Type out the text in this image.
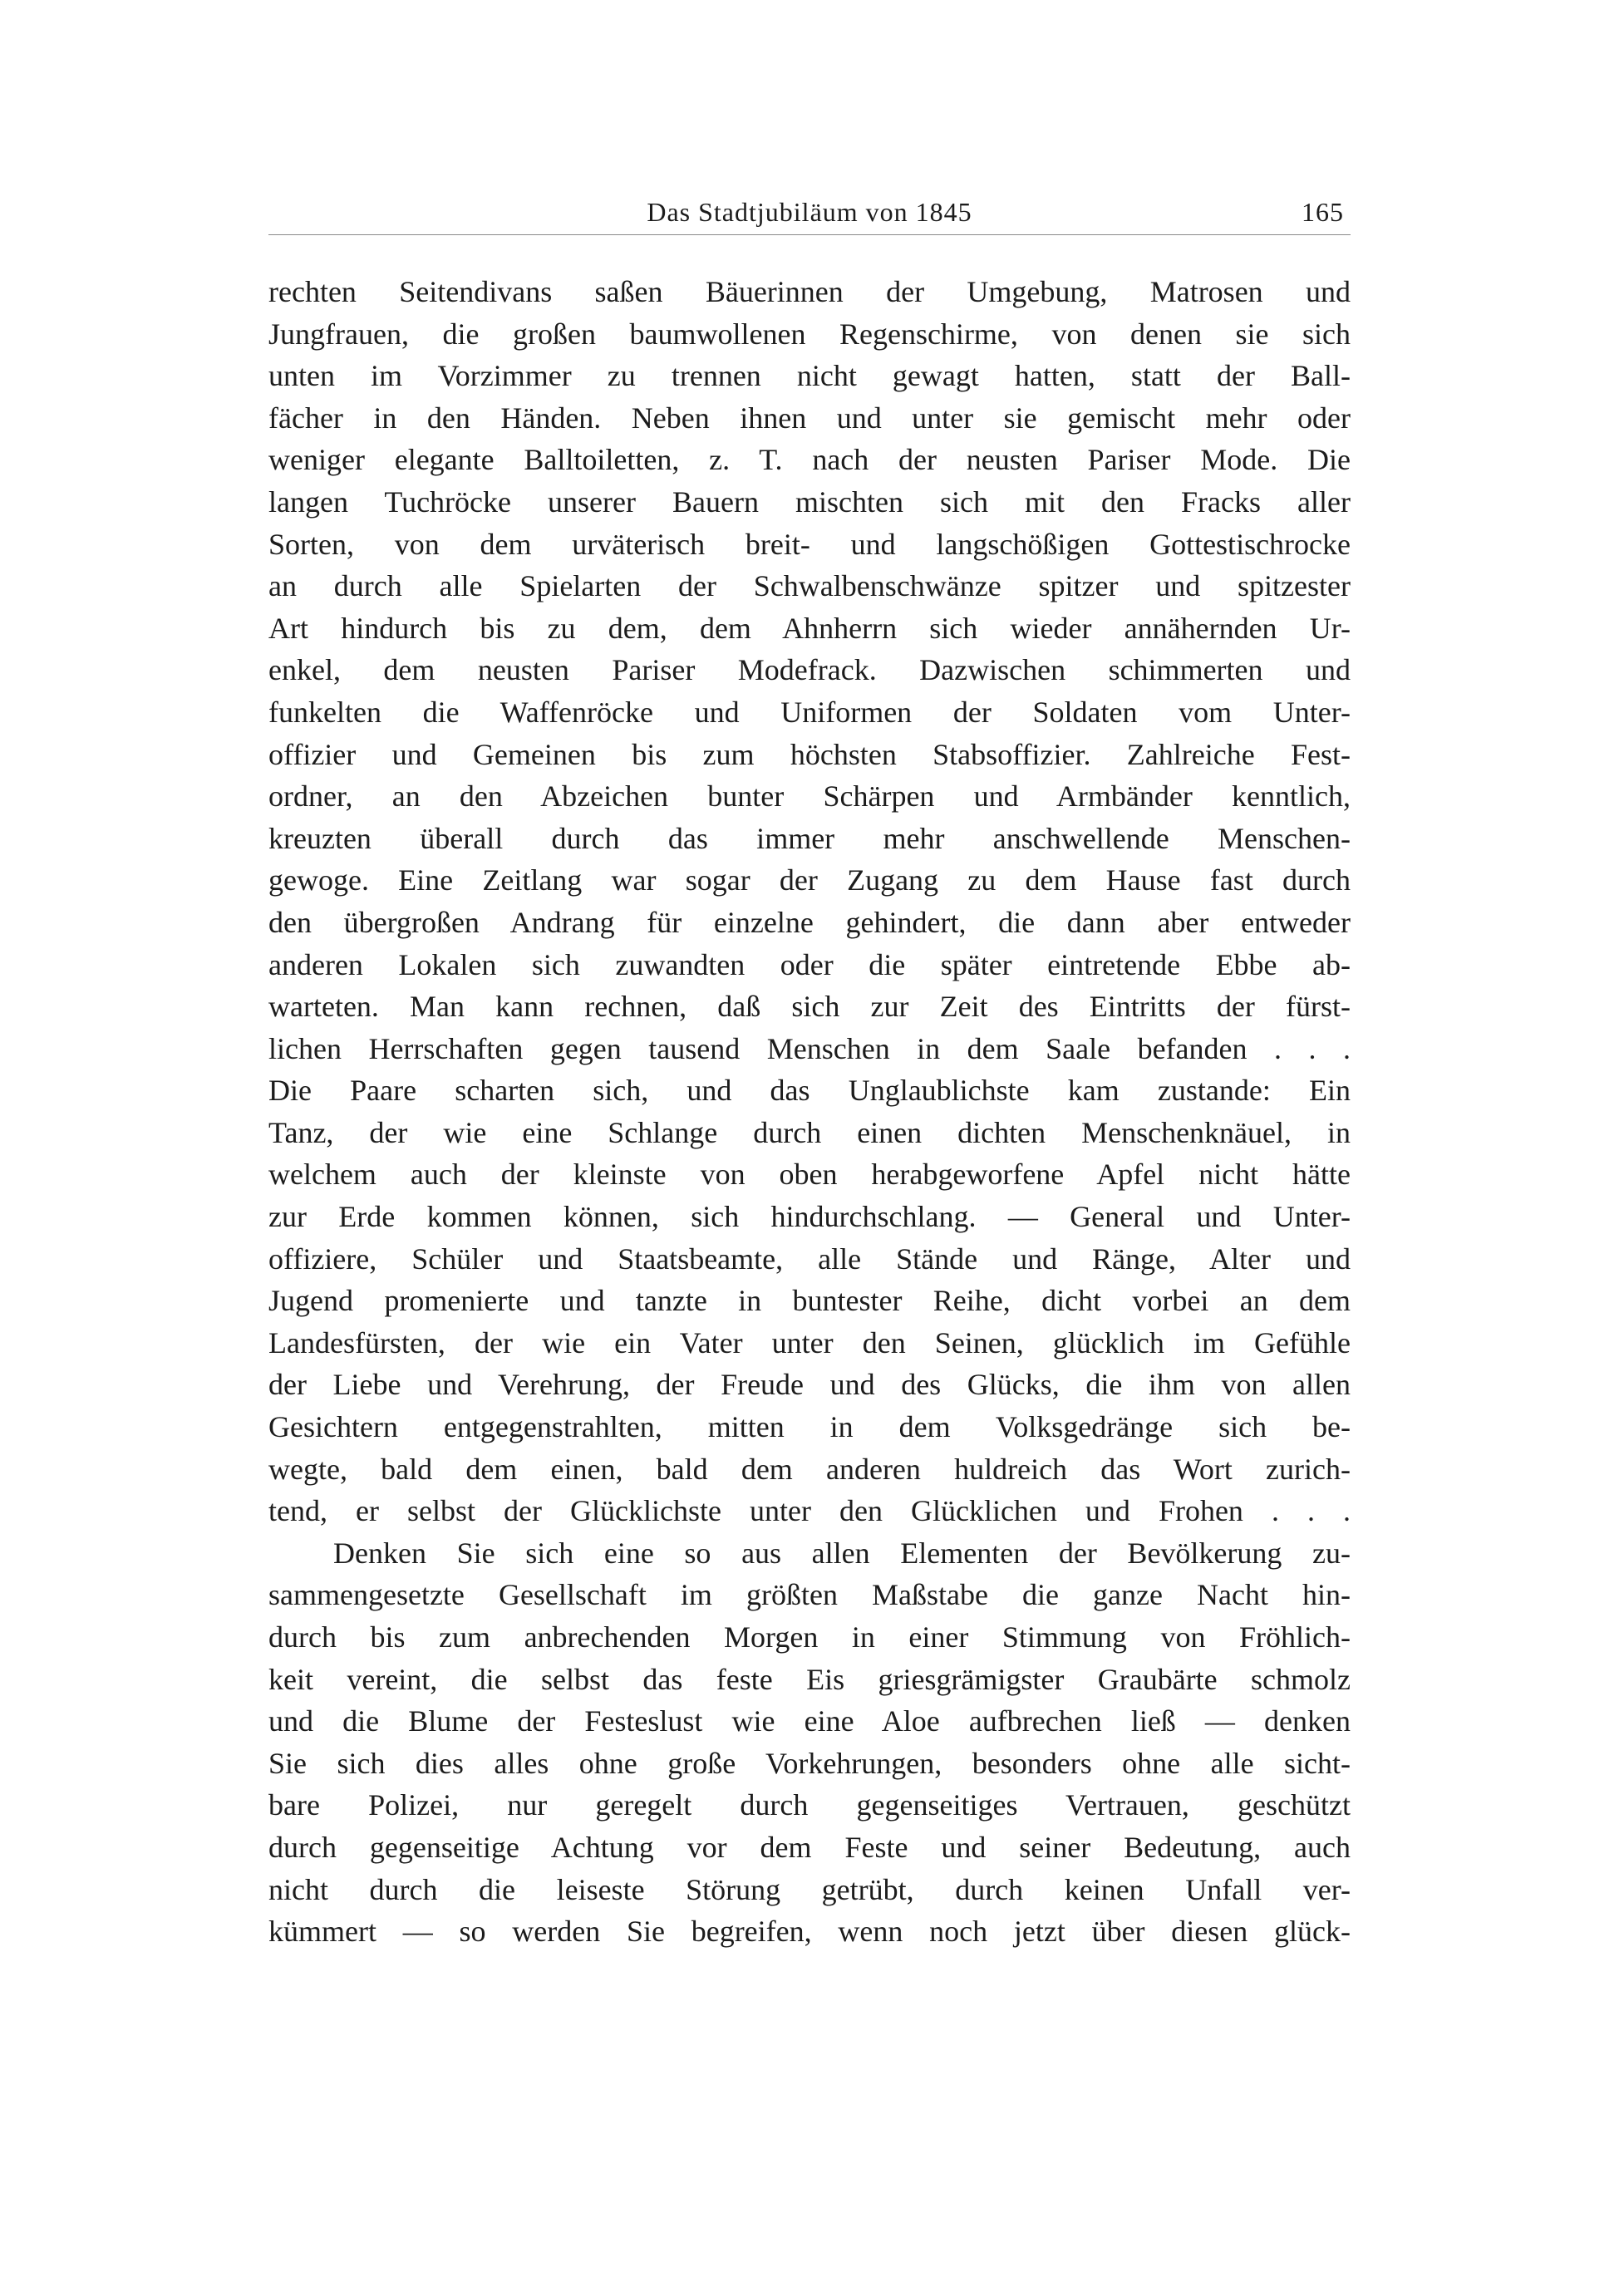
Das Stadtjubiläum von 1845	165
rechten Seitendivans saßen Bäuerinnen der Umgebung, Matrosen und
Jungfrauen, die großen baumwollenen Regenschirme, von denen sie sich
unten im Vorzimmer zu trennen nicht gewagt hatten, statt der Ball-
fächer in den Händen. Neben ihnen und unter sie gemischt mehr oder
weniger elegante Balltoiletten, z. T. nach der neusten Pariser Mode. Die
langen Tuchröcke unserer Bauern mischten sich mit den Fracks aller
Sorten, von dem urväterisch breit- und langschößigen Gottestischrocke
an durch alle Spielarten der Schwalbenschwänze spitzer und spitzester
Art hindurch bis zu dem, dem Ahnherrn sich wieder annähernden Ur-
enkel, dem neusten Pariser Modefrack. Dazwischen schimmerten und
funkelten die Waffenröcke und Uniformen der Soldaten vom Unter-
offizier und Gemeinen bis zum höchsten Stabsoffizier. Zahlreiche Fest-
ordner, an den Abzeichen bunter Schärpen und Armbänder kenntlich,
kreuzten überall durch das immer mehr anschwellende Menschen-
gewoge. Eine Zeitlang war sogar der Zugang zu dem Hause fast durch
den übergroßen Andrang für einzelne gehindert, die dann aber entweder
anderen Lokalen sich zuwandten oder die später eintretende Ebbe ab-
warteten. Man kann rechnen, daß sich zur Zeit des Eintritts der fürst-
lichen Herrschaften gegen tausend Menschen in dem Saale befanden . . .
Die Paare scharten sich, und das Unglaublichste kam zustande: Ein
Tanz, der wie eine Schlange durch einen dichten Menschenknäuel, in
welchem auch der kleinste von oben herabgeworfene Apfel nicht hätte
zur Erde kommen können, sich hindurchschlang. — General und Unter-
offiziere, Schüler und Staatsbeamte, alle Stände und Ränge, Alter und
Jugend promenierte und tanzte in buntester Reihe, dicht vorbei an dem
Landesfürsten, der wie ein Vater unter den Seinen, glücklich im Gefühle
der Liebe und Verehrung, der Freude und des Glücks, die ihm von allen
Gesichtern entgegenstrahlten, mitten in dem Volksgedränge sich be-
wegte, bald dem einen, bald dem anderen huldreich das Wort zurich-
tend, er selbst der Glücklichste unter den Glücklichen und Frohen . . .
Denken Sie sich eine so aus allen Elementen der Bevölkerung zu-
sammengesetzte Gesellschaft im größten Maßstabe die ganze Nacht hin-
durch bis zum anbrechenden Morgen in einer Stimmung von Fröhlich-
keit vereint, die selbst das feste Eis griesgrämigster Graubärte schmolz
und die Blume der Festeslust wie eine Aloe aufbrechen ließ — denken
Sie sich dies alles ohne große Vorkehrungen, besonders ohne alle sicht-
bare Polizei, nur geregelt durch gegenseitiges Vertrauen, geschützt
durch gegenseitige Achtung vor dem Feste und seiner Bedeutung, auch
nicht durch die leiseste Störung getrübt, durch keinen Unfall ver-
kümmert — so werden Sie begreifen, wenn noch jetzt über diesen glück-
